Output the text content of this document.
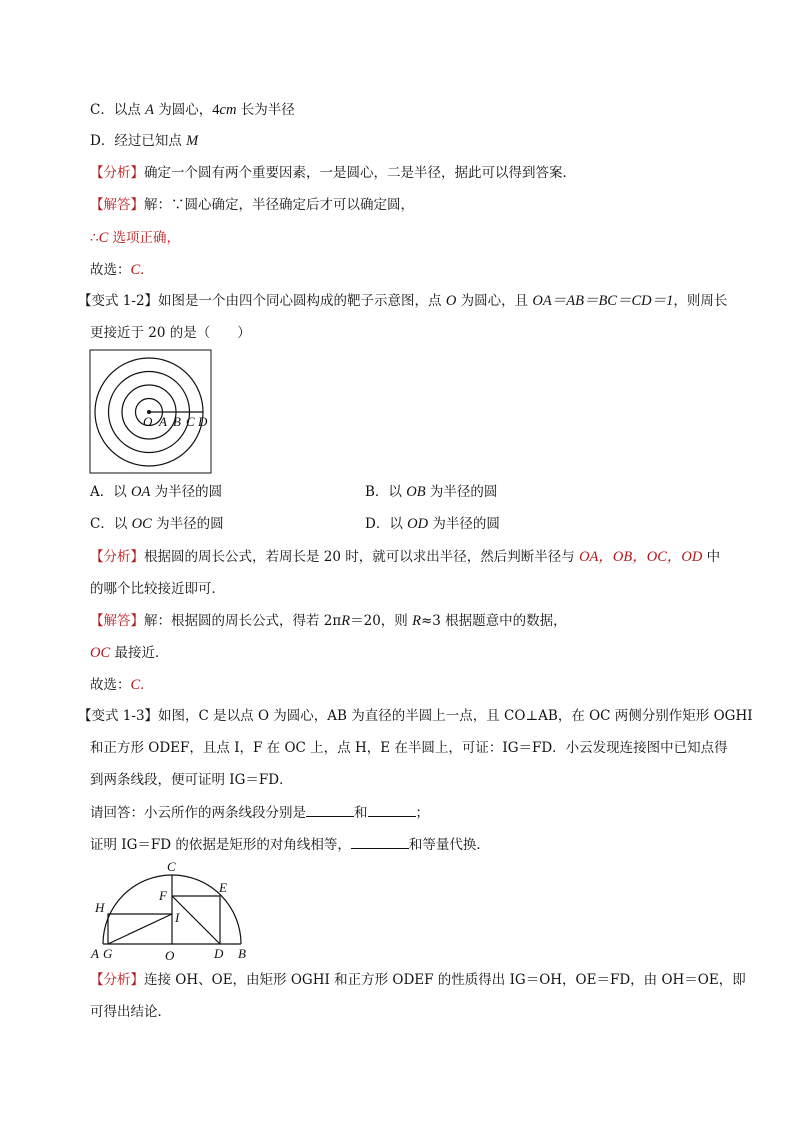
C．以点 A 为圆心，4cm 长为半径
D．经过已知点 M
【分析】确定一个圆有两个重要因素，一是圆心，二是半径，据此可以得到答案．
【解答】解：∵圆心确定，半径确定后才可以确定圆，
∴C 选项正确，
故选：C．
【变式 1-2】如图是一个由四个同心圆构成的靶子示意图，点 O 为圆心，且 OA＝AB＝BC＝CD＝1，则周长
更接近于 20 的是（　　）
O A B C D
A．以 OA 为半径的圆	B．以 OB 为半径的圆
C．以 OC 为半径的圆	D．以 OD 为半径的圆
【分析】根据圆的周长公式，若周长是 20 时，就可以求出半径，然后判断半径与 OA，OB，OC，OD 中
的哪个比较接近即可．
【解答】解：根据圆的周长公式，得若 2πR＝20，则 R≈3 根据题意中的数据，
OC 最接近．
故选：C．
【变式 1-3】如图，C 是以点 O 为圆心，AB 为直径的半圆上一点，且 CO⊥AB，在 OC 两侧分别作矩形 OGHI
和正方形 ODEF，且点 I，F 在 OC 上，点 H，E 在半圆上，可证：IG＝FD．小云发现连接图中已知点得
到两条线段，便可证明 IG＝FD．
请回答：小云所作的两条线段分别是	和	；
证明 IG＝FD 的依据是矩形的对角线相等，	和等量代换．
C
E
F
H
I
A G	O	D B
【分析】连接 OH、OE，由矩形 OGHI 和正方形 ODEF 的性质得出 IG＝OH，OE＝FD，由 OH＝OE，即
可得出结论．
